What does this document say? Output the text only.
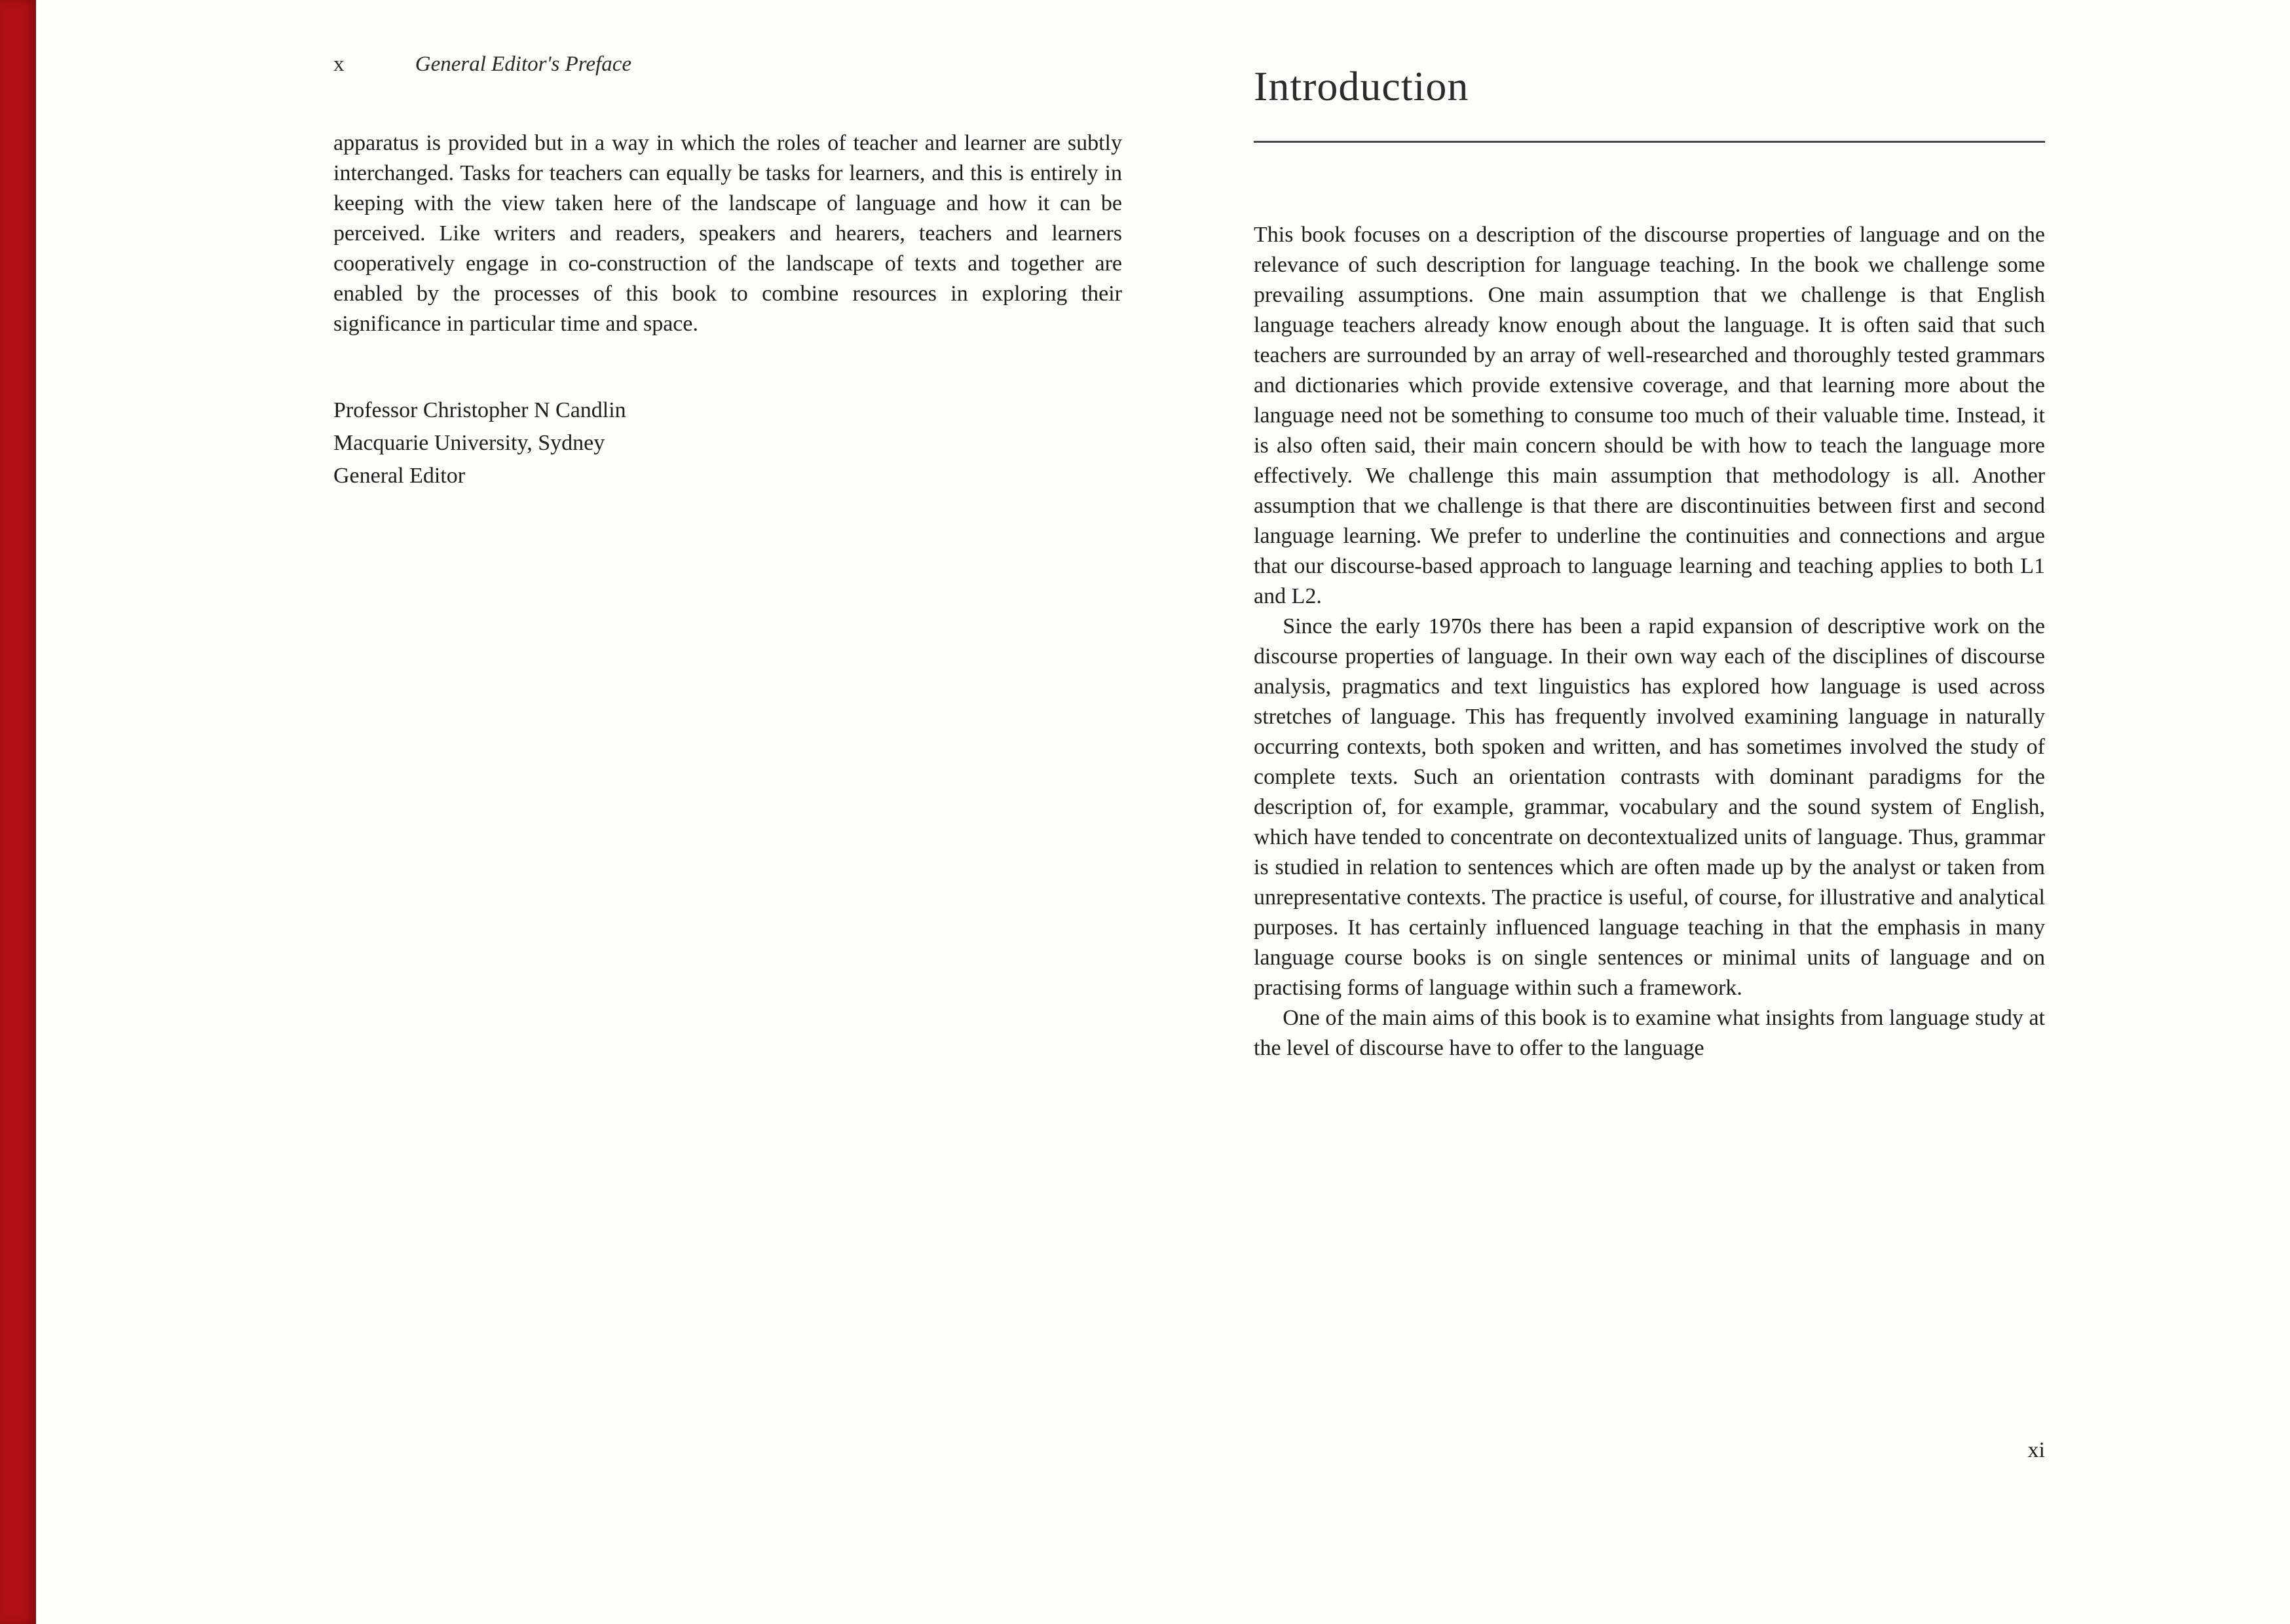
x	General Editor's Preface

apparatus is provided but in a way in which the roles of teacher and learner are subtly interchanged. Tasks for teachers can equally be tasks for learners, and this is entirely in keeping with the view taken here of the landscape of language and how it can be perceived. Like writers and readers, speakers and hearers, teachers and learners cooperatively engage in co-construction of the landscape of texts and together are enabled by the processes of this book to combine resources in exploring their significance in particular time and space.

Professor Christopher N Candlin
Macquarie University, Sydney
General Editor
Introduction

This book focuses on a description of the discourse properties of language and on the relevance of such description for language teaching. In the book we challenge some prevailing assumptions. One main assumption that we challenge is that English language teachers already know enough about the language. It is often said that such teachers are surrounded by an array of well-researched and thoroughly tested grammars and dictionaries which provide extensive coverage, and that learning more about the language need not be something to consume too much of their valuable time. Instead, it is also often said, their main concern should be with how to teach the language more effectively. We challenge this main assumption that methodology is all. Another assumption that we challenge is that there are discontinuities between first and second language learning. We prefer to underline the continuities and connections and argue that our discourse-based approach to language learning and teaching applies to both L1 and L2.

Since the early 1970s there has been a rapid expansion of descriptive work on the discourse properties of language. In their own way each of the disciplines of discourse analysis, pragmatics and text linguistics has explored how language is used across stretches of language. This has frequently involved examining language in naturally occurring contexts, both spoken and written, and has sometimes involved the study of complete texts. Such an orientation contrasts with dominant paradigms for the description of, for example, grammar, vocabulary and the sound system of English, which have tended to concentrate on decontextualized units of language. Thus, grammar is studied in relation to sentences which are often made up by the analyst or taken from unrepresentative contexts. The practice is useful, of course, for illustrative and analytical purposes. It has certainly influenced language teaching in that the emphasis in many language course books is on single sentences or minimal units of language and on practising forms of language within such a framework.

One of the main aims of this book is to examine what insights from language study at the level of discourse have to offer to the language

xi
